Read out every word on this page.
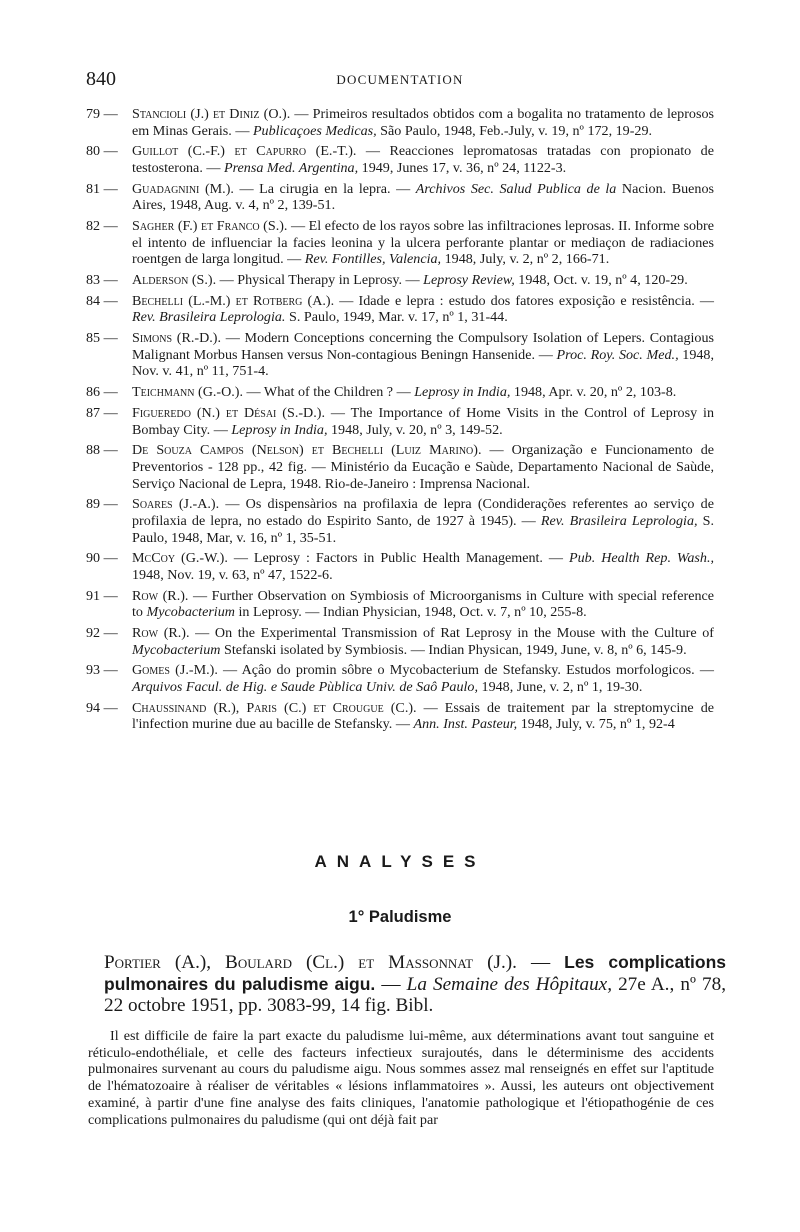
840	DOCUMENTATION
79 —	Stancioli (J.) et Diniz (O.). — Primeiros resultados obtidos com a bogalita no tratamento de leprosos em Minas Gerais. — Publicaçoes Medicas, São Paulo, 1948, Feb.-July, v. 19, nº 172, 19-29.
80 —	Guillot (C.-F.) et Capurro (E.-T.). — Reacciones lepromatosas tratadas con propionato de testosterona. — Prensa Med. Argentina, 1949, Junes 17, v. 36, nº 24, 1122-3.
81 —	Guadagnini (M.). — La cirugia en la lepra. — Archivos Sec. Salud Publica de la Nacion. Buenos Aires, 1948, Aug. v. 4, nº 2, 139-51.
82 —	Sagher (F.) et Franco (S.). — El efecto de los rayos sobre las infiltraciones leprosas. II. Informe sobre el intento de influenciar la facies leonina y la ulcera perforante plantar or mediaçon de radiaciones roentgen de larga longitud. — Rev. Fontilles, Valencia, 1948, July, v. 2, nº 2, 166-71.
83 —	Alderson (S.). — Physical Therapy in Leprosy. — Leprosy Review, 1948, Oct. v. 19, nº 4, 120-29.
84 —	Bechelli (L.-M.) et Rotberg (A.). — Idade e lepra : estudo dos fatores exposição e resistência. — Rev. Brasileira Leprologia. S. Paulo, 1949, Mar. v. 17, nº 1, 31-44.
85 —	Simons (R.-D.). — Modern Conceptions concerning the Compulsory Isolation of Lepers. Contagious Malignant Morbus Hansen versus Non-contagious Beningn Hansenide. — Proc. Roy. Soc. Med., 1948, Nov. v. 41, nº 11, 751-4.
86 —	Teichmann (G.-O.). — What of the Children ? — Leprosy in India, 1948, Apr. v. 20, nº 2, 103-8.
87 —	Figueredo (N.) et Désai (S.-D.). — The Importance of Home Visits in the Control of Leprosy in Bombay City. — Leprosy in India, 1948, July, v. 20, nº 3, 149-52.
88 —	De Souza Campos (Nelson) et Bechelli (Luiz Marino). — Organização e Funcionamento de Preventorios - 128 pp., 42 fig. — Ministério da Eucação e Saùde, Departamento Nacional de Saùde, Serviço Nacional de Lepra, 1948. Rio-de-Janeiro : Imprensa Nacional.
89 —	Soares (J.-A.). — Os dispensàrios na profilaxia de lepra (Condiderações referentes ao serviço de profilaxia de lepra, no estado do Espirito Santo, de 1927 à 1945). — Rev. Brasileira Leprologia, S. Paulo, 1948, Mar, v. 16, nº 1, 35-51.
90 —	McCoy (G.-W.). — Leprosy : Factors in Public Health Management. — Pub. Health Rep. Wash., 1948, Nov. 19, v. 63, nº 47, 1522-6.
91 —	Row (R.). — Further Observation on Symbiosis of Microorganisms in Culture with special reference to Mycobacterium in Leprosy. — Indian Physician, 1948, Oct. v. 7, nº 10, 255-8.
92 —	Row (R.). — On the Experimental Transmission of Rat Leprosy in the Mouse with the Culture of Mycobacterium Stefanski isolated by Symbiosis. — Indian Physican, 1949, June, v. 8, nº 6, 145-9.
93 —	Gomes (J.-M.). — Açâo do promin sôbre o Mycobacterium de Stefansky. Estudos morfologicos. — Arquivos Facul. de Hig. e Saude Pùblica Univ. de Saô Paulo, 1948, June, v. 2, nº 1, 19-30.
94 —	Chaussinand (R.), Paris (C.) et Crougue (C.). — Essais de traitement par la streptomycine de l'infection murine due au bacille de Stefansky. — Ann. Inst. Pasteur, 1948, July, v. 75, nº 1, 92-4
ANALYSES
1° Paludisme
Portier (A.), Boulard (Cl.) et Massonnat (J.). — Les complications pulmonaires du paludisme aigu. — La Semaine des Hôpitaux, 27e A., nº 78, 22 octobre 1951, pp. 3083-99, 14 fig. Bibl.

Il est difficile de faire la part exacte du paludisme lui-même, aux déterminations avant tout sanguine et réticulo-endothéliale, et celle des facteurs infectieux surajoutés, dans le déterminisme des accidents pulmonaires survenant au cours du paludisme aigu. Nous sommes assez mal renseignés en effet sur l'aptitude de l'hématozoaire à réaliser de véritables « lésions inflammatoires ». Aussi, les auteurs ont objectivement examiné, à partir d'une fine analyse des faits cliniques, l'anatomie pathologique et l'étiopathogénie de ces complications pulmonaires du paludisme (qui ont déjà fait par
